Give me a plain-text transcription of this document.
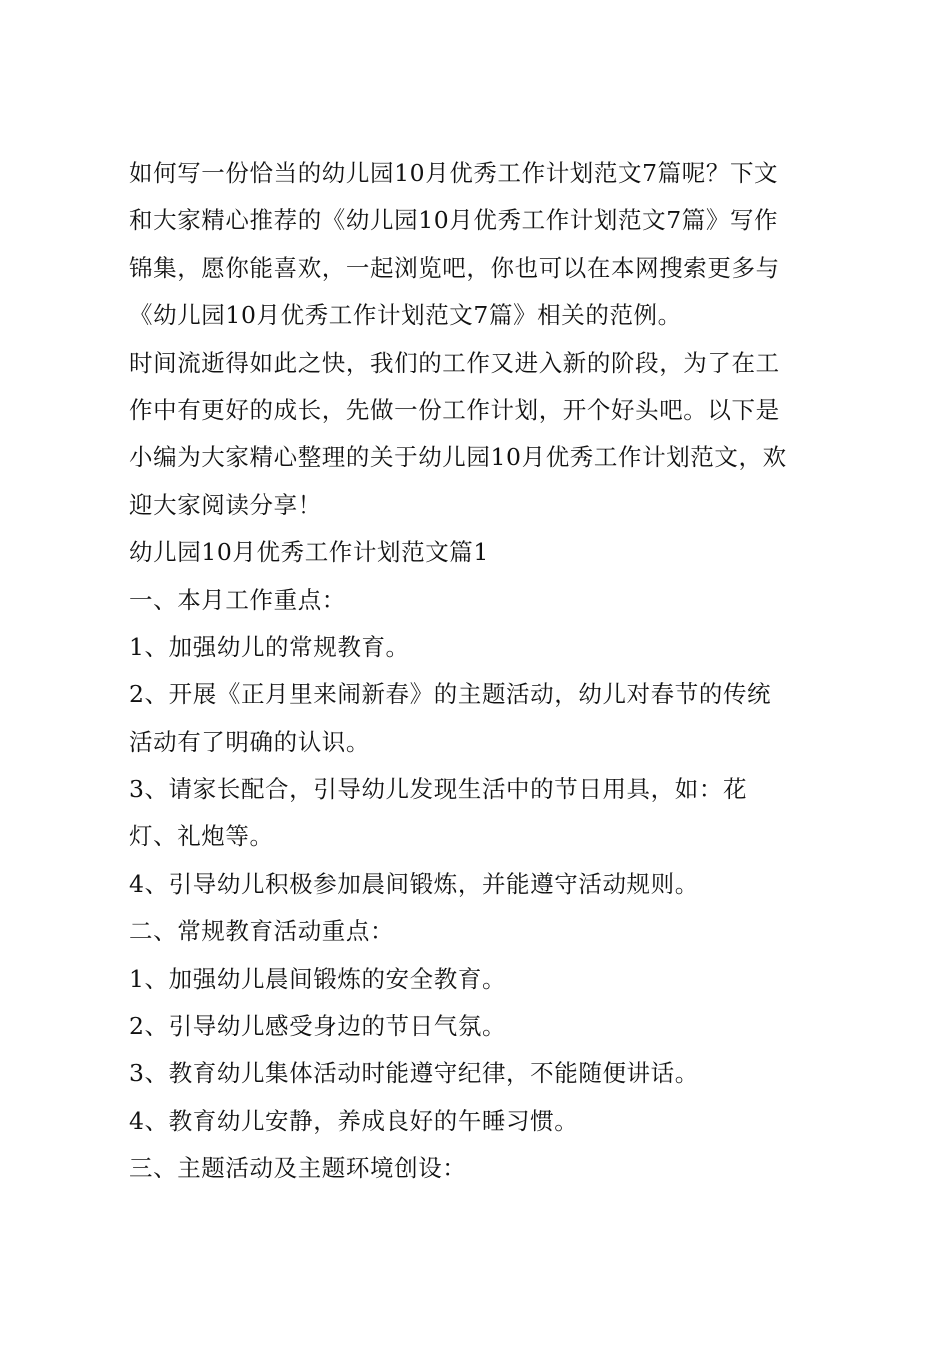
如何写一份恰当的幼儿园10月优秀工作计划范文7篇呢？下文
和大家精心推荐的《幼儿园10月优秀工作计划范文7篇》写作
锦集，愿你能喜欢，一起浏览吧，你也可以在本网搜索更多与
《幼儿园10月优秀工作计划范文7篇》相关的范例。
时间流逝得如此之快，我们的工作又进入新的阶段，为了在工
作中有更好的成长，先做一份工作计划，开个好头吧。以下是
小编为大家精心整理的关于幼儿园10月优秀工作计划范文，欢
迎大家阅读分享！
幼儿园10月优秀工作计划范文篇1
一、本月工作重点：
1、加强幼儿的常规教育。
2、开展《正月里来闹新春》的主题活动，幼儿对春节的传统
活动有了明确的认识。
3、请家长配合，引导幼儿发现生活中的节日用具，如：花
灯、礼炮等。
4、引导幼儿积极参加晨间锻炼，并能遵守活动规则。
二、常规教育活动重点：
1、加强幼儿晨间锻炼的安全教育。
2、引导幼儿感受身边的节日气氛。
3、教育幼儿集体活动时能遵守纪律，不能随便讲话。
4、教育幼儿安静，养成良好的午睡习惯。
三、主题活动及主题环境创设：
